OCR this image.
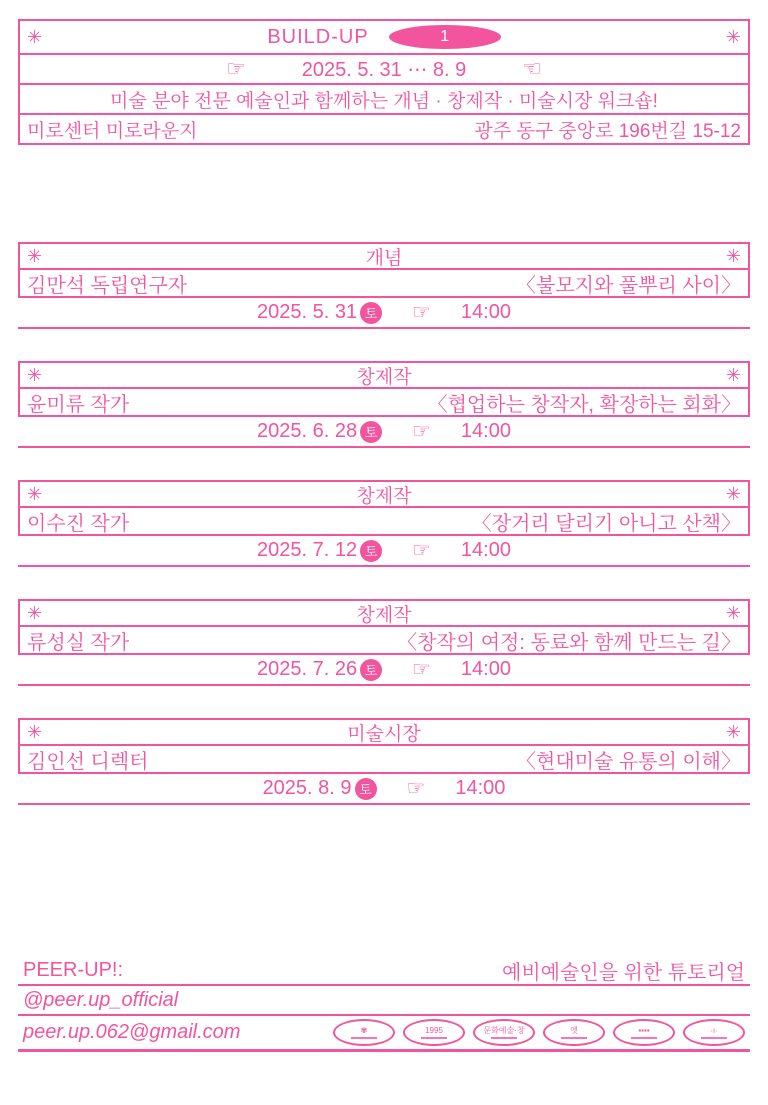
✳︎	BUILD-UP	1	✳︎
☞	2025. 5. 31 ⋯ 8. 9	☜
미술 분야 전문 예술인과 함께하는 개념 · 창제작 · 미술시장 워크숍!
미로센터 미로라운지	광주 동구 중앙로 196번길 15-12
✳︎	개념	✳︎
김만석 독립연구자	〈불모지와 풀뿌리 사이〉
2025. 5. 31 토 ☞ 14:00
✳︎	창제작	✳︎
윤미류 작가	〈협업하는 창작자, 확장하는 회화〉
2025. 6. 28 토 ☞ 14:00
✳︎	창제작	✳︎
이수진 작가	〈장거리 달리기 아니고 산책〉
2025. 7. 12 토 ☞ 14:00
✳︎	창제작	✳︎
류성실 작가	〈창작의 여정: 동료와 함께 만드는 길〉
2025. 7. 26 토 ☞ 14:00
✳︎	미술시장	✳︎
김인선 디렉터	〈현대미술 유통의 이해〉
2025. 8. 9 토 ☞ 14:00
PEER-UP!:	예비예술인을 위한 튜토리얼
@peer.up_official
peer.up.062@gmail.com	✾	1995	문화예술·창	엣	▪▪▪▪	∙ı∙
